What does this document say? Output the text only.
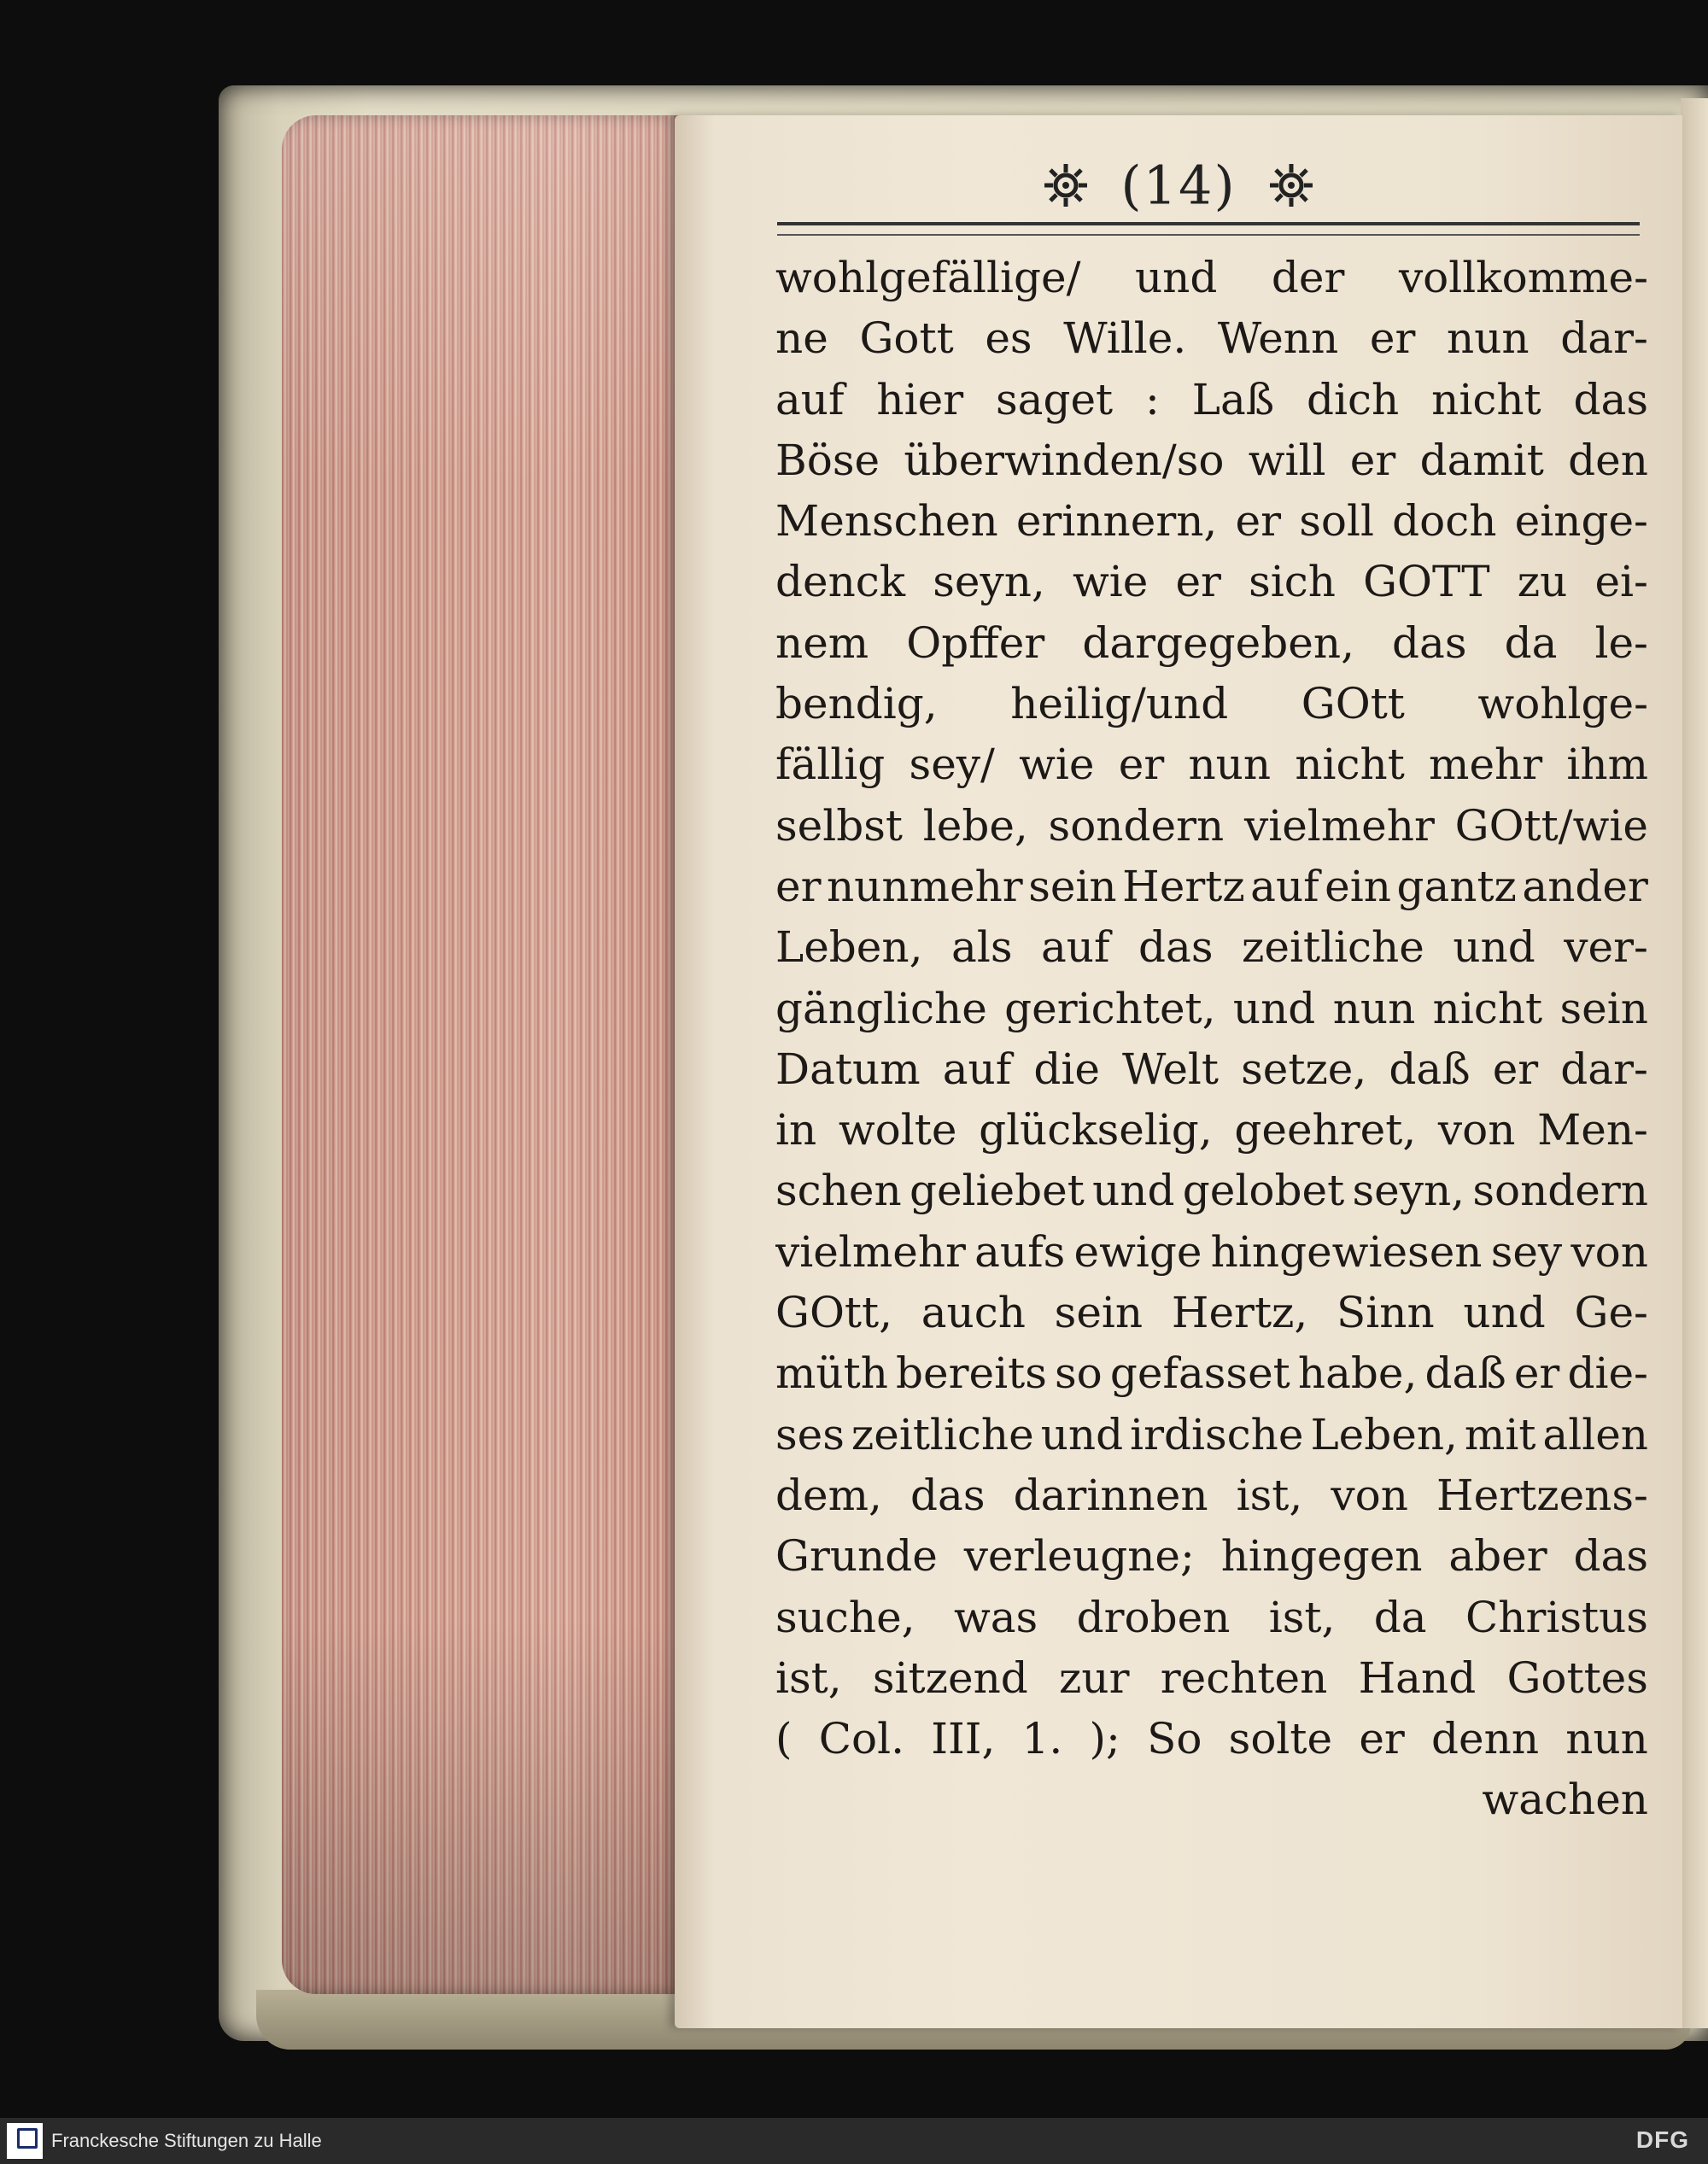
(14)
wohlgefällige/ und der vollkomme-
ne Gott es Wille. Wenn er nun dar-
auf hier saget : Laß dich nicht das
Böse überwinden/so will er damit den
Menschen erinnern, er soll doch einge-
denck seyn, wie er sich GOTT zu ei-
nem Opffer dargegeben, das da le-
bendig, heilig/und GOtt wohlge-
fällig sey/ wie er nun nicht mehr ihm
selbst lebe, sondern vielmehr GOtt/wie
er nunmehr sein Hertz auf ein gantz ander
Leben, als auf das zeitliche und ver-
gängliche gerichtet, und nun nicht sein
Datum auf die Welt setze, daß er dar-
in wolte glückselig, geehret, von Men-
schen geliebet und gelobet seyn, sondern
vielmehr aufs ewige hingewiesen sey von
GOtt, auch sein Hertz, Sinn und Ge-
müth bereits so gefasset habe, daß er die-
ses zeitliche und irdische Leben, mit allen
dem, das darinnen ist, von Hertzens-
Grunde verleugne; hingegen aber das
suche, was droben ist, da Christus
ist, sitzend zur rechten Hand Gottes
( Col. III, 1. ); So solte er denn nun
wachen
Franckesche Stiftungen zu Halle	DFG
